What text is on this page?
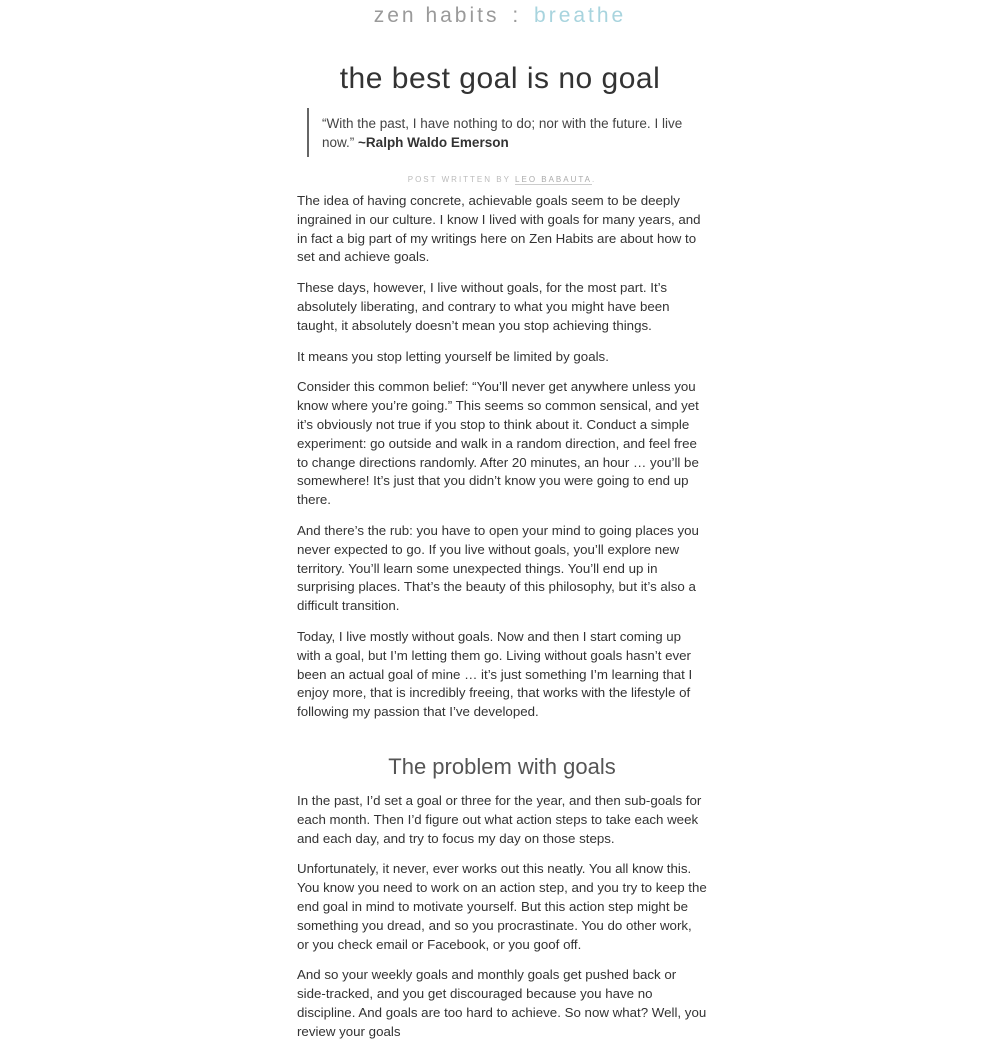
zen habits : breathe
the best goal is no goal
“With the past, I have nothing to do; nor with the future. I live now.” ~Ralph Waldo Emerson
POST WRITTEN BY LEO BABAUTA.

The idea of having concrete, achievable goals seem to be deeply ingrained in our culture. I know I lived with goals for many years, and in fact a big part of my writings here on Zen Habits are about how to set and achieve goals.

These days, however, I live without goals, for the most part. It’s absolutely liberating, and contrary to what you might have been taught, it absolutely doesn’t mean you stop achieving things.

It means you stop letting yourself be limited by goals.

Consider this common belief: “You’ll never get anywhere unless you know where you’re going.” This seems so common sensical, and yet it’s obviously not true if you stop to think about it. Conduct a simple experiment: go outside and walk in a random direction, and feel free to change directions randomly. After 20 minutes, an hour … you’ll be somewhere! It’s just that you didn’t know you were going to end up there.

And there’s the rub: you have to open your mind to going places you never expected to go. If you live without goals, you’ll explore new territory. You’ll learn some unexpected things. You’ll end up in surprising places. That’s the beauty of this philosophy, but it’s also a difficult transition.

Today, I live mostly without goals. Now and then I start coming up with a goal, but I’m letting them go. Living without goals hasn’t ever been an actual goal of mine … it’s just something I’m learning that I enjoy more, that is incredibly freeing, that works with the lifestyle of following my passion that I’ve developed.

The problem with goals

In the past, I’d set a goal or three for the year, and then sub-goals for each month. Then I’d figure out what action steps to take each week and each day, and try to focus my day on those steps.

Unfortunately, it never, ever works out this neatly. You all know this. You know you need to work on an action step, and you try to keep the end goal in mind to motivate yourself. But this action step might be something you dread, and so you procrastinate. You do other work, or you check email or Facebook, or you goof off.

And so your weekly goals and monthly goals get pushed back or side-tracked, and you get discouraged because you have no discipline. And goals are too hard to achieve. So now what? Well, you review your goals
